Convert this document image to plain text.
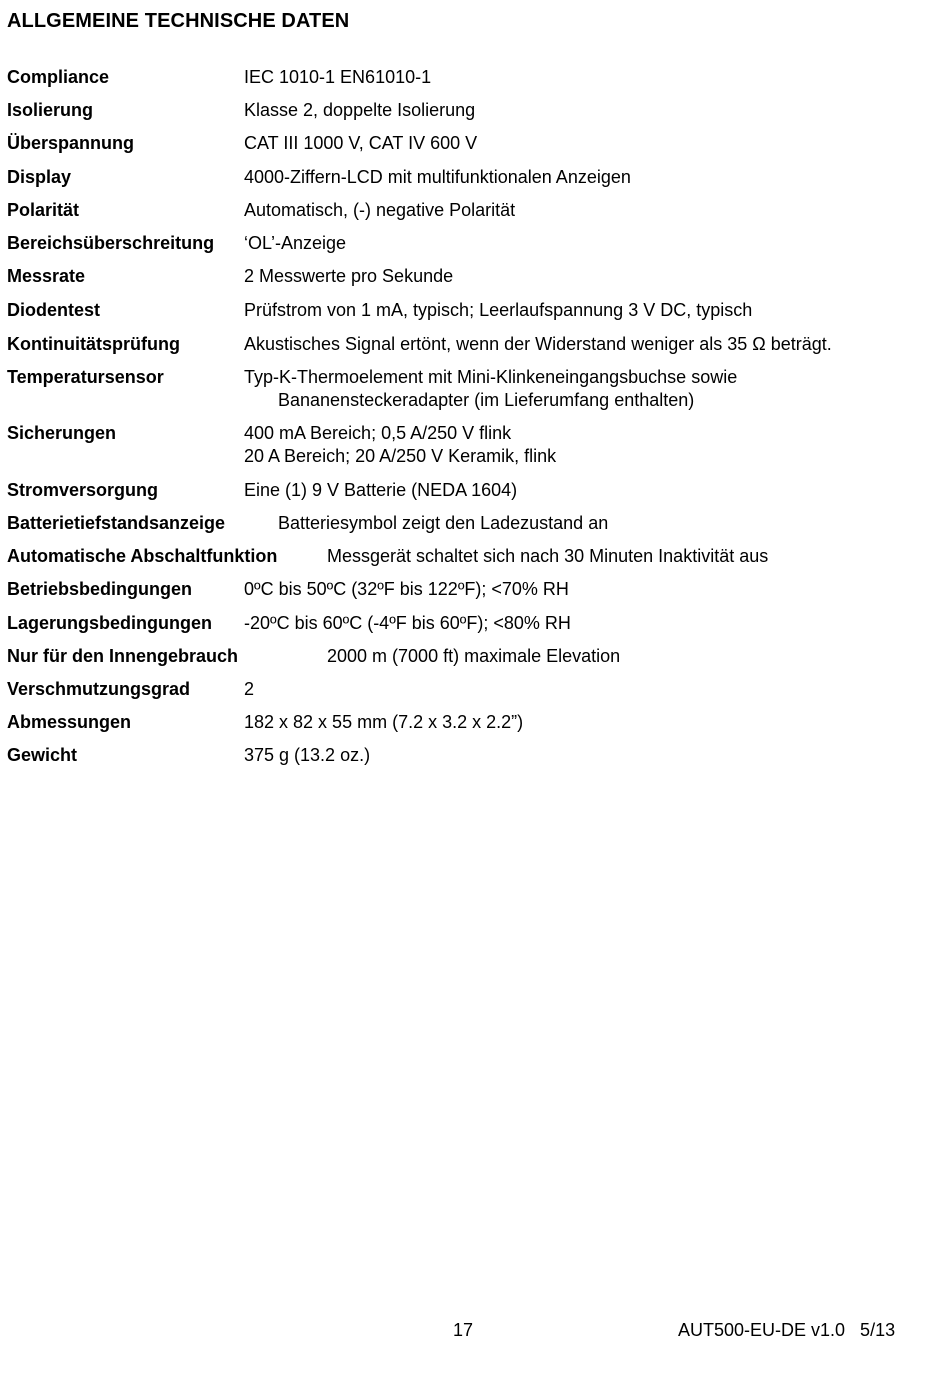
ALLGEMEINE TECHNISCHE DATEN
Compliance	IEC 1010-1 EN61010-1
Isolierung	Klasse 2, doppelte Isolierung
Überspannung	CAT III 1000 V, CAT IV 600 V
Display	4000-Ziffern-LCD mit multifunktionalen Anzeigen
Polarität	Automatisch, (-) negative Polarität
Bereichsüberschreitung ‘OL’-Anzeige
Messrate	2 Messwerte pro Sekunde
Diodentest	Prüfstrom von 1 mA, typisch; Leerlaufspannung 3 V DC, typisch
Kontinuitätsprüfung	Akustisches Signal ertönt, wenn der Widerstand weniger als 35 Ω beträgt.
Temperatursensor	Typ-K-Thermoelement mit Mini-Klinkeneingangsbuchse sowie
Bananensteckeradapter (im Lieferumfang enthalten)
Sicherungen	400 mA Bereich; 0,5 A/250 V flink
20 A Bereich; 20 A/250 V Keramik, flink
Stromversorgung	Eine (1) 9 V Batterie (NEDA 1604)
Batterietiefstandsanzeige	Batteriesymbol zeigt den Ladezustand an
Automatische Abschaltfunktion	Messgerät schaltet sich nach 30 Minuten Inaktivität aus
Betriebsbedingungen	0ºC bis 50ºC (32ºF bis 122ºF); <70% RH
Lagerungsbedingungen -20ºC bis 60ºC (-4ºF bis 60ºF); <80% RH
Nur für den Innengebrauch	2000 m (7000 ft) maximale Elevation
Verschmutzungsgrad	2
Abmessungen	182 x 82 x 55 mm (7.2 x 3.2 x 2.2”)
Gewicht	375 g (13.2 oz.)
17	AUT500-EU-DE v1.0   5/13
